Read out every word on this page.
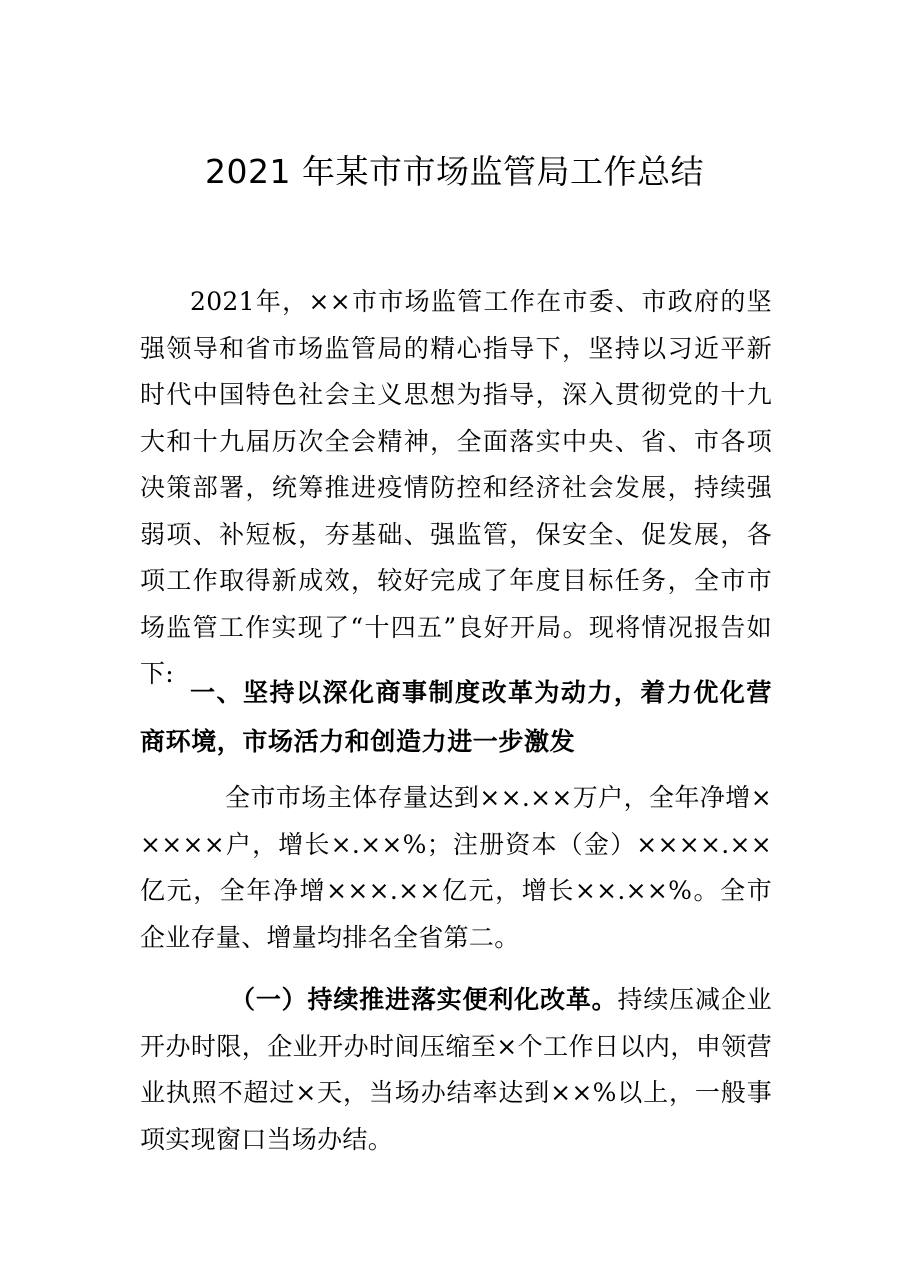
2021 年某市市场监管局工作总结

2021年，××市市场监管工作在市委、市政府的坚强领导和省市场监管局的精心指导下，坚持以习近平新时代中国特色社会主义思想为指导，深入贯彻党的十九大和十九届历次全会精神，全面落实中央、省、市各项决策部署，统筹推进疫情防控和经济社会发展，持续强弱项、补短板，夯基础、强监管，保安全、促发展，各项工作取得新成效，较好完成了年度目标任务，全市市场监管工作实现了“十四五”良好开局。现将情况报告如下:

一、坚持以深化商事制度改革为动力，着力优化营商环境，市场活力和创造力进一步激发

全市市场主体存量达到××.××万户，全年净增×××××户，增长×.××%；注册资本（金）××××.××亿元，全年净增×××.××亿元，增长××.××%。全市企业存量、增量均排名全省第二。

（一）持续推进落实便利化改革。持续压减企业开办时限，企业开办时间压缩至×个工作日以内，申领营业执照不超过×天，当场办结率达到××%以上，一般事项实现窗口当场办结。
